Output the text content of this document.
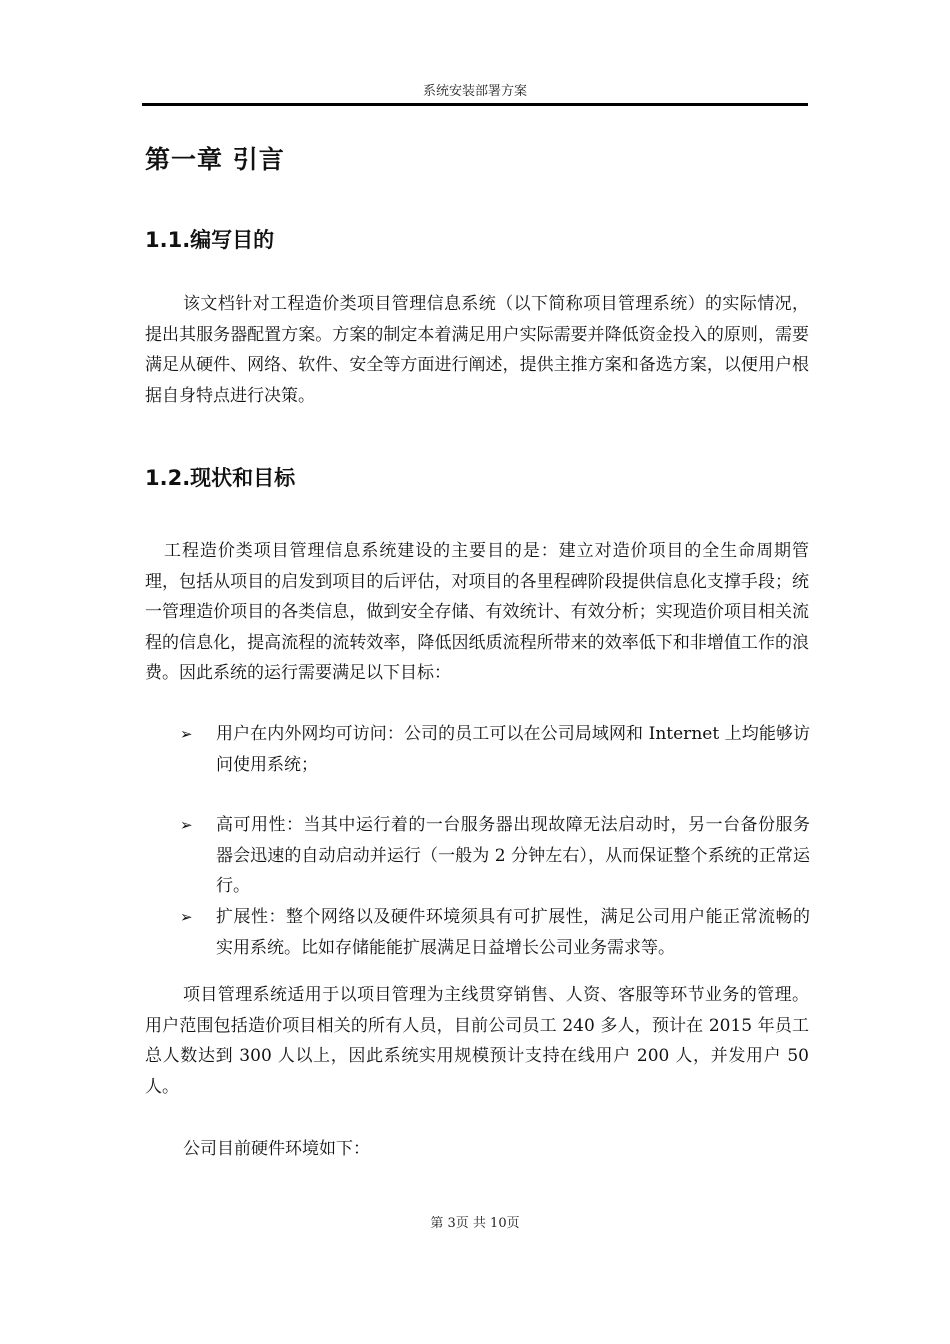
系统安装部署方案
第一章 引言
1.1.编写目的
该文档针对工程造价类项目管理信息系统（以下简称项目管理系统）的实际情况，提出其服务器配置方案。方案的制定本着满足用户实际需要并降低资金投入的原则，需要满足从硬件、网络、软件、安全等方面进行阐述，提供主推方案和备选方案，以便用户根据自身特点进行决策。
1.2.现状和目标
工程造价类项目管理信息系统建设的主要目的是：建立对造价项目的全生命周期管理，包括从项目的启发到项目的后评估，对项目的各里程碑阶段提供信息化支撑手段；统一管理造价项目的各类信息，做到安全存储、有效统计、有效分析；实现造价项目相关流程的信息化，提高流程的流转效率，降低因纸质流程所带来的效率低下和非增值工作的浪费。因此系统的运行需要满足以下目标：
➢	用户在内外网均可访问：公司的员工可以在公司局域网和 Internet 上均能够访问使用系统；
➢	高可用性：当其中运行着的一台服务器出现故障无法启动时，另一台备份服务器会迅速的自动启动并运行（一般为 2 分钟左右），从而保证整个系统的正常运行。
➢	扩展性：整个网络以及硬件环境须具有可扩展性，满足公司用户能正常流畅的实用系统。比如存储能能扩展满足日益增长公司业务需求等。
项目管理系统适用于以项目管理为主线贯穿销售、人资、客服等环节业务的管理。用户范围包括造价项目相关的所有人员，目前公司员工 240 多人，预计在 2015 年员工总人数达到 300 人以上，因此系统实用规模预计支持在线用户 200 人，并发用户 50 人。
公司目前硬件环境如下：
第 3页 共 10页
